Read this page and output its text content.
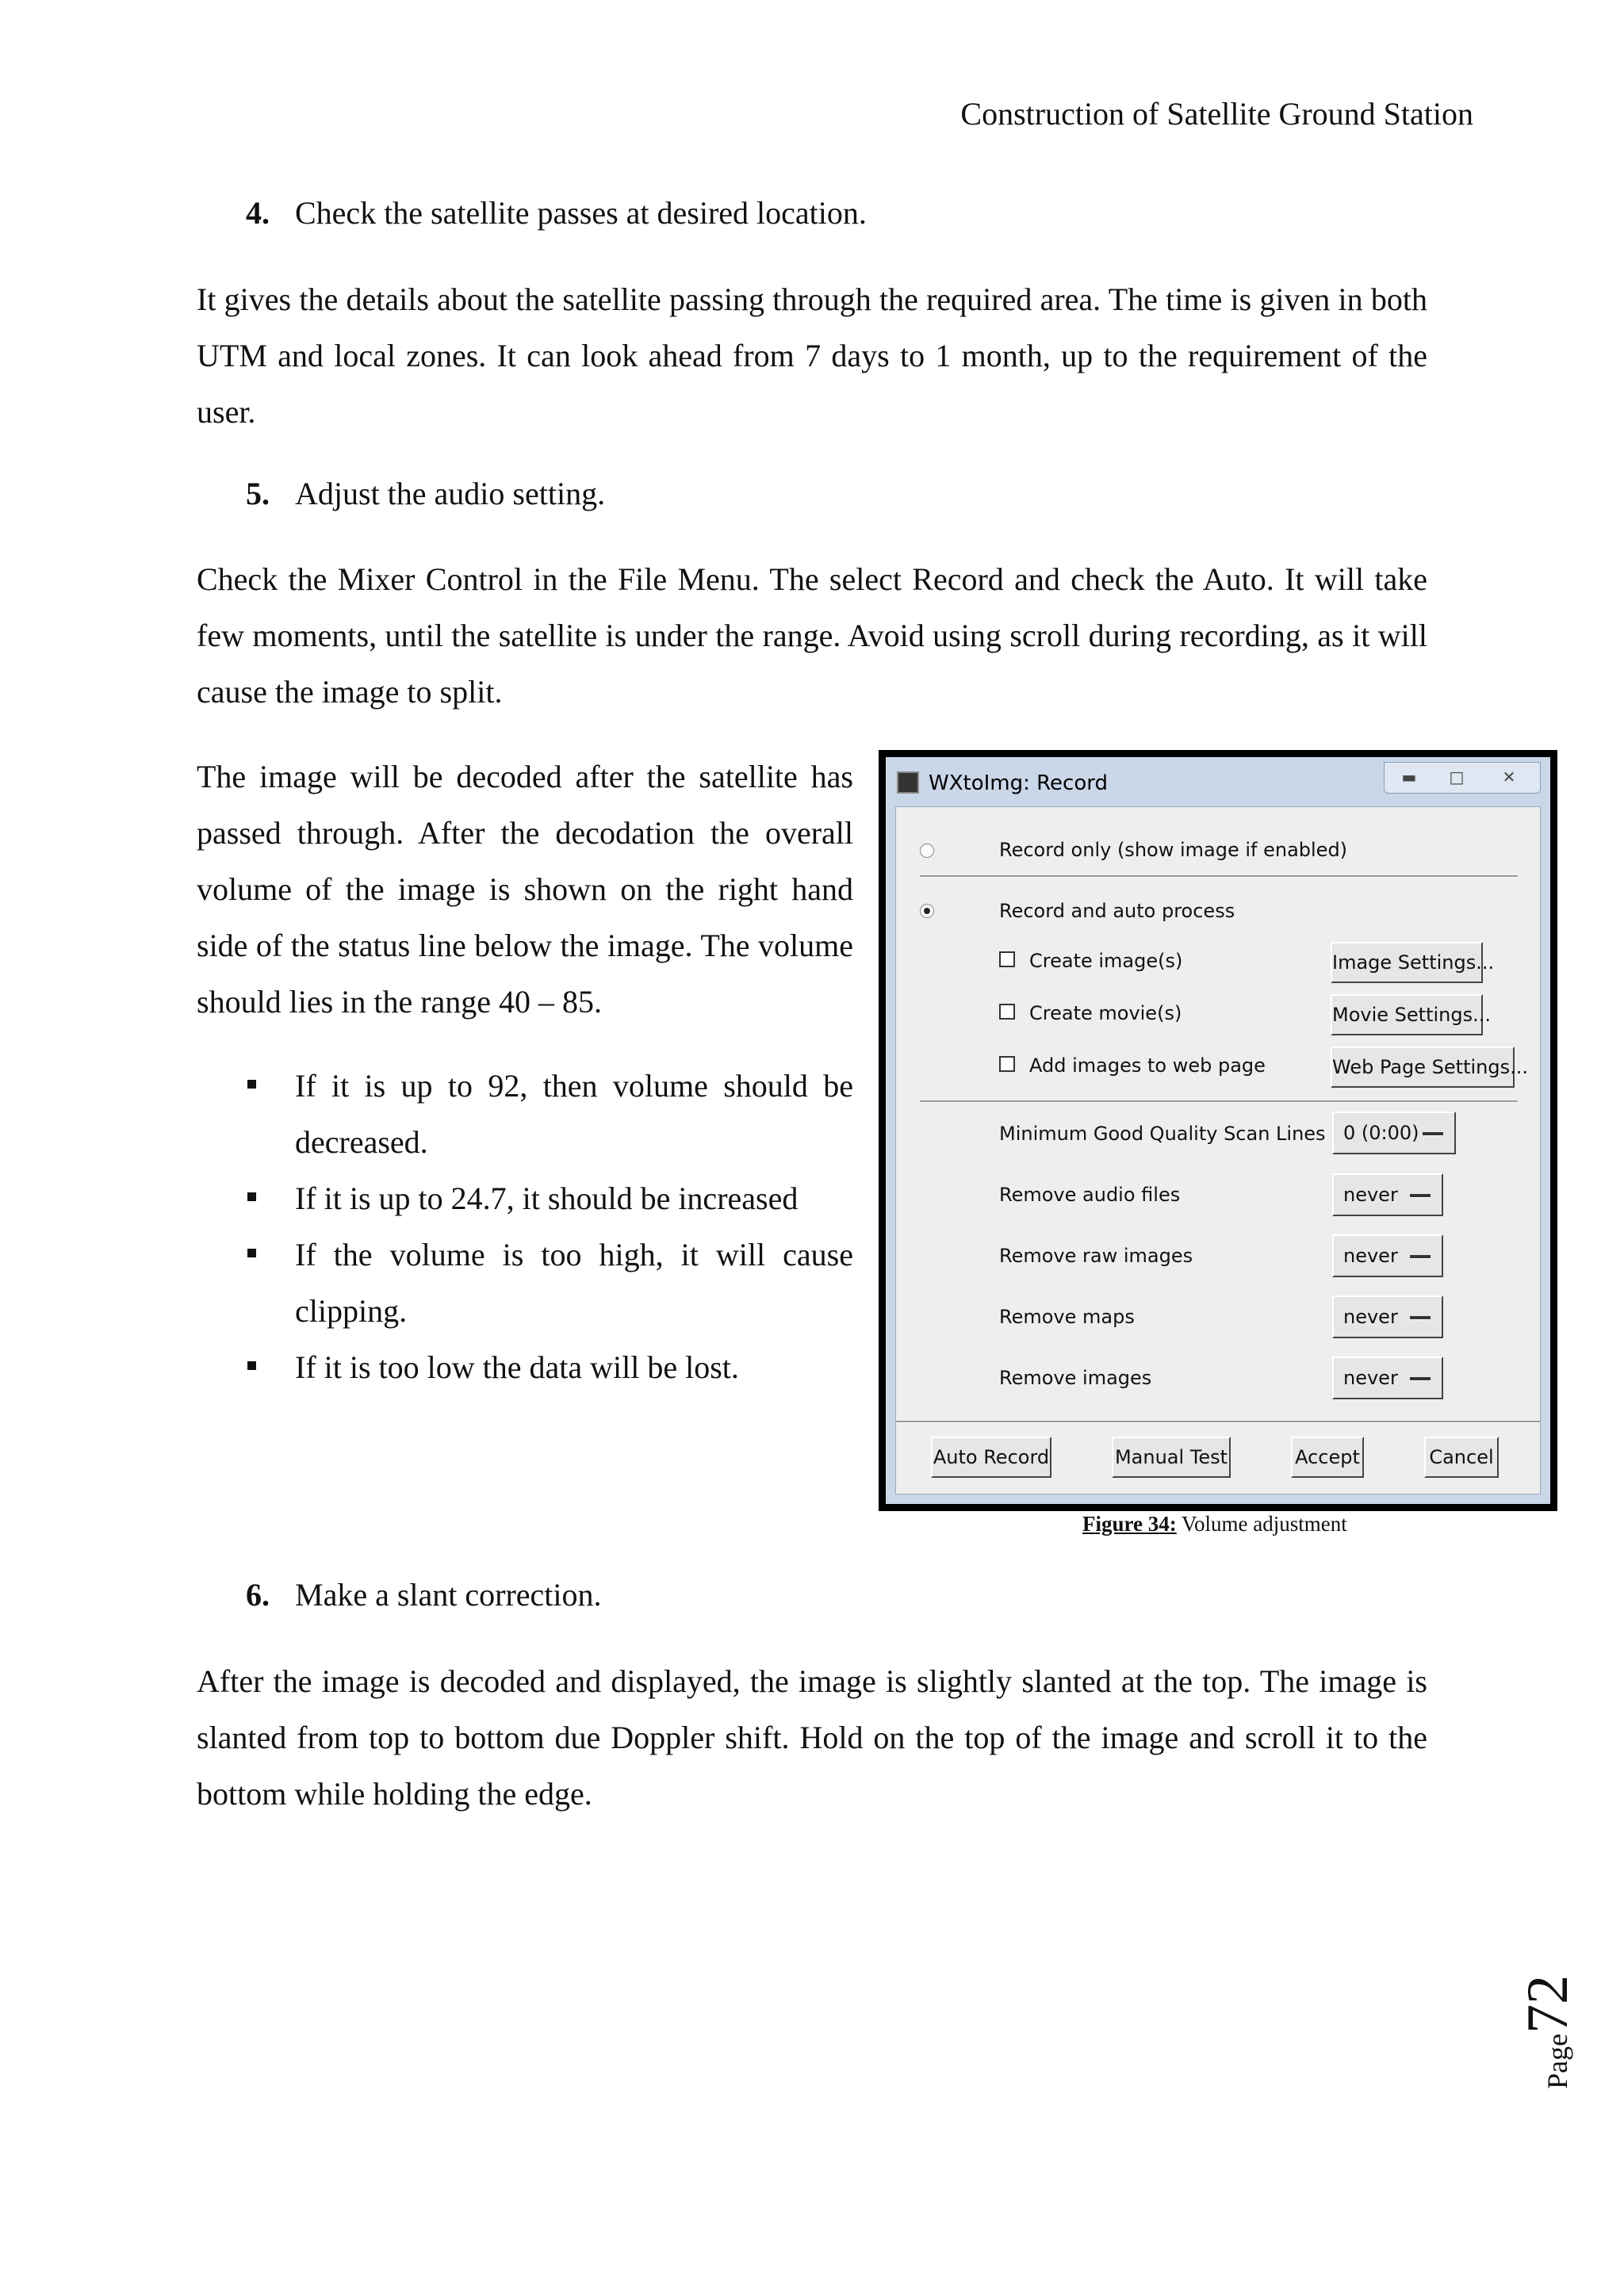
Construction of Satellite Ground Station
4. Check the satellite passes at desired location.
It gives the details about the satellite passing through the required area. The time is given in both UTM and local zones. It can look ahead from 7 days to 1 month, up to the requirement of the user.
5. Adjust the audio setting.
Check the Mixer Control in the File Menu. The select Record and check the Auto. It will take few moments, until the satellite is under the range. Avoid using scroll during recording, as it will cause the image to split.
The image will be decoded after the satellite has passed through. After the decodation the overall volume of the image is shown on the right hand side of the status line below the image. The volume should lies in the range 40 – 85.
If it is up to 92, then volume should be decreased.
If it is up to 24.7, it should be increased
If the volume is too high, it will cause clipping.
If it is too low the data will be lost.
WXtoImg: Record	▬	□	✕
Record only (show image if enabled)
Record and auto process
Create image(s)	Image Settings...
Create movie(s)	Movie Settings...
Add images to web page	Web Page Settings...
Minimum Good Quality Scan Lines 0 (0:00)
Remove audio files	never
Remove raw images	never
Remove maps	never
Remove images	never
Auto Record	Manual Test	Accept	Cancel
Figure 34: Volume adjustment
6. Make a slant correction.
After the image is decoded and displayed, the image is slightly slanted at the top. The image is slanted from top to bottom due Doppler shift. Hold on the top of the image and scroll it to the bottom while holding the edge.
Page72
